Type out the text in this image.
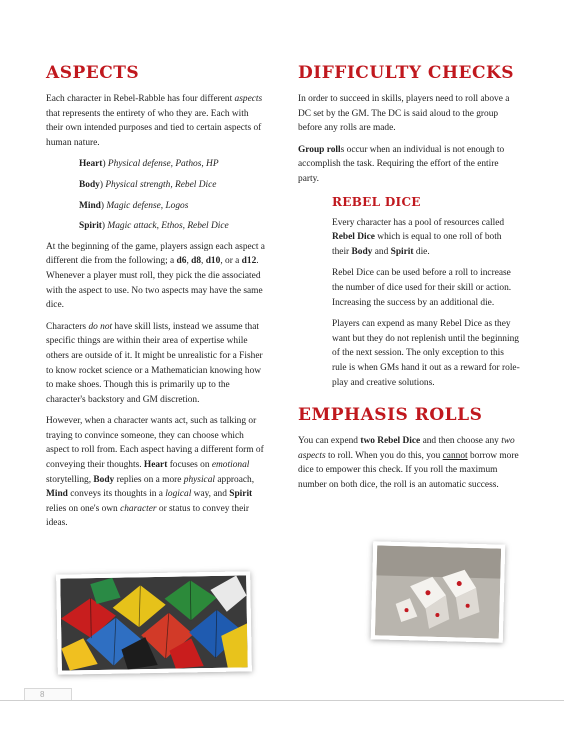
ASPECTS

Each character in Rebel-Rabble has four different aspects that represents the entirety of who they are. Each with their own intended purposes and tied to certain aspects of human nature.

Heart) Physical defense, Pathos, HP
Body) Physical strength, Rebel Dice
Mind) Magic defense, Logos
Spirit) Magic attack, Ethos, Rebel Dice

At the beginning of the game, players assign each aspect a different die from the following; a d6, d8, d10, or a d12. Whenever a player must roll, they pick the die associated with the aspect to use. No two aspects may have the same dice.

Characters do not have skill lists, instead we assume that specific things are within their area of expertise while others are outside of it. It might be unrealistic for a Fisher to know rocket science or a Mathematician knowing how to make shoes. Though this is primarily up to the character's backstory and GM discretion.

However, when a character wants act, such as talking or traying to convince someone, they can choose which aspect to roll from. Each aspect having a different form of conveying their thoughts. Heart focuses on emotional storytelling, Body replies on a more physical approach, Mind conveys its thoughts in a logical way, and Spirit relies on one's own character or status to convey their ideas.

DIFFICULTY CHECKS

In order to succeed in skills, players need to roll above a DC set by the GM. The DC is said aloud to the group before any rolls are made.

Group rolls occur when an individual is not enough to accomplish the task. Requiring the effort of the entire party.

REBEL DICE

Every character has a pool of resources called Rebel Dice which is equal to one roll of both their Body and Spirit die.

Rebel Dice can be used before a roll to increase the number of dice used for their skill or action. Increasing the success by an additional die.

Players can expend as many Rebel Dice as they want but they do not replenish until the beginning of the next session. The only exception to this rule is when GMs hand it out as a reward for role-play and creative solutions.

EMPHASIS ROLLS

You can expend two Rebel Dice and then choose any two aspects to roll. When you do this, you cannot borrow more dice to empower this check. If you roll the maximum number on both dice, the roll is an automatic success.

8
